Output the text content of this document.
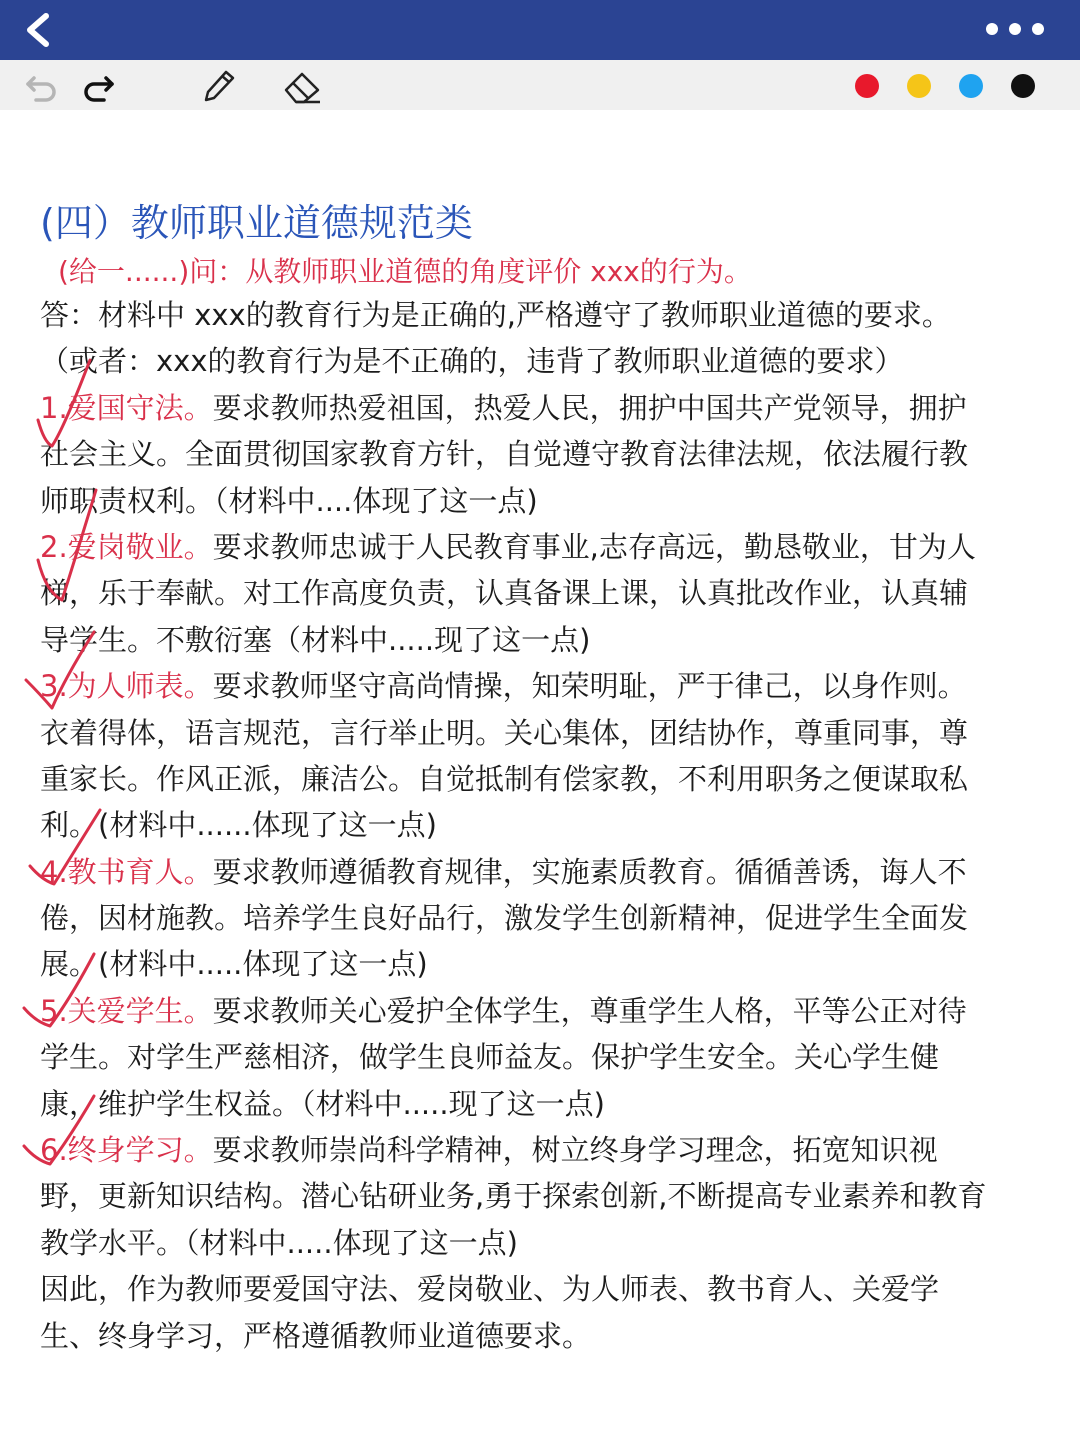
(四）教师职业道德规范类

(给一......)问：从教师职业道德的角度评价 xxx的行为。

答：材料中 xxx的教育行为是正确的,严格遵守了教师职业道德的要求。
（或者：xxx的教育行为是不正确的，违背了教师职业道德的要求）
1.爱国守法。要求教师热爱祖国，热爱人民，拥护中国共产党领导，拥护
社会主义。全面贯彻国家教育方针，自觉遵守教育法律法规，依法履行教
师职责权利。（材料中....体现了这一点)
2.爱岗敬业。要求教师忠诚于人民教育事业,志存高远，勤恳敬业，甘为人
梯，乐于奉献。对工作高度负责，认真备课上课，认真批改作业，认真辅
导学生。不敷衍塞（材料中.....现了这一点)
3.为人师表。要求教师坚守高尚情操，知荣明耻，严于律己，以身作则。
衣着得体，语言规范，言行举止明。关心集体，团结协作，尊重同事，尊
重家长。作风正派，廉洁公。自觉抵制有偿家教，不利用职务之便谋取私
利。(材料中......体现了这一点)
4.教书育人。要求教师遵循教育规律，实施素质教育。循循善诱，诲人不
倦，因材施教。培养学生良好品行，激发学生创新精神，促进学生全面发
展。(材料中.....体现了这一点)
5.关爱学生。要求教师关心爱护全体学生，尊重学生人格，平等公正对待
学生。对学生严慈相济，做学生良师益友。保护学生安全。关心学生健
康，维护学生权益。（材料中.....现了这一点)
6.终身学习。要求教师崇尚科学精神，树立终身学习理念，拓宽知识视
野，更新知识结构。潜心钻研业务,勇于探索创新,不断提高专业素养和教育
教学水平。（材料中.....体现了这一点)
因此，作为教师要爱国守法、爱岗敬业、为人师表、教书育人、关爱学
生、终身学习，严格遵循教师业道德要求。
